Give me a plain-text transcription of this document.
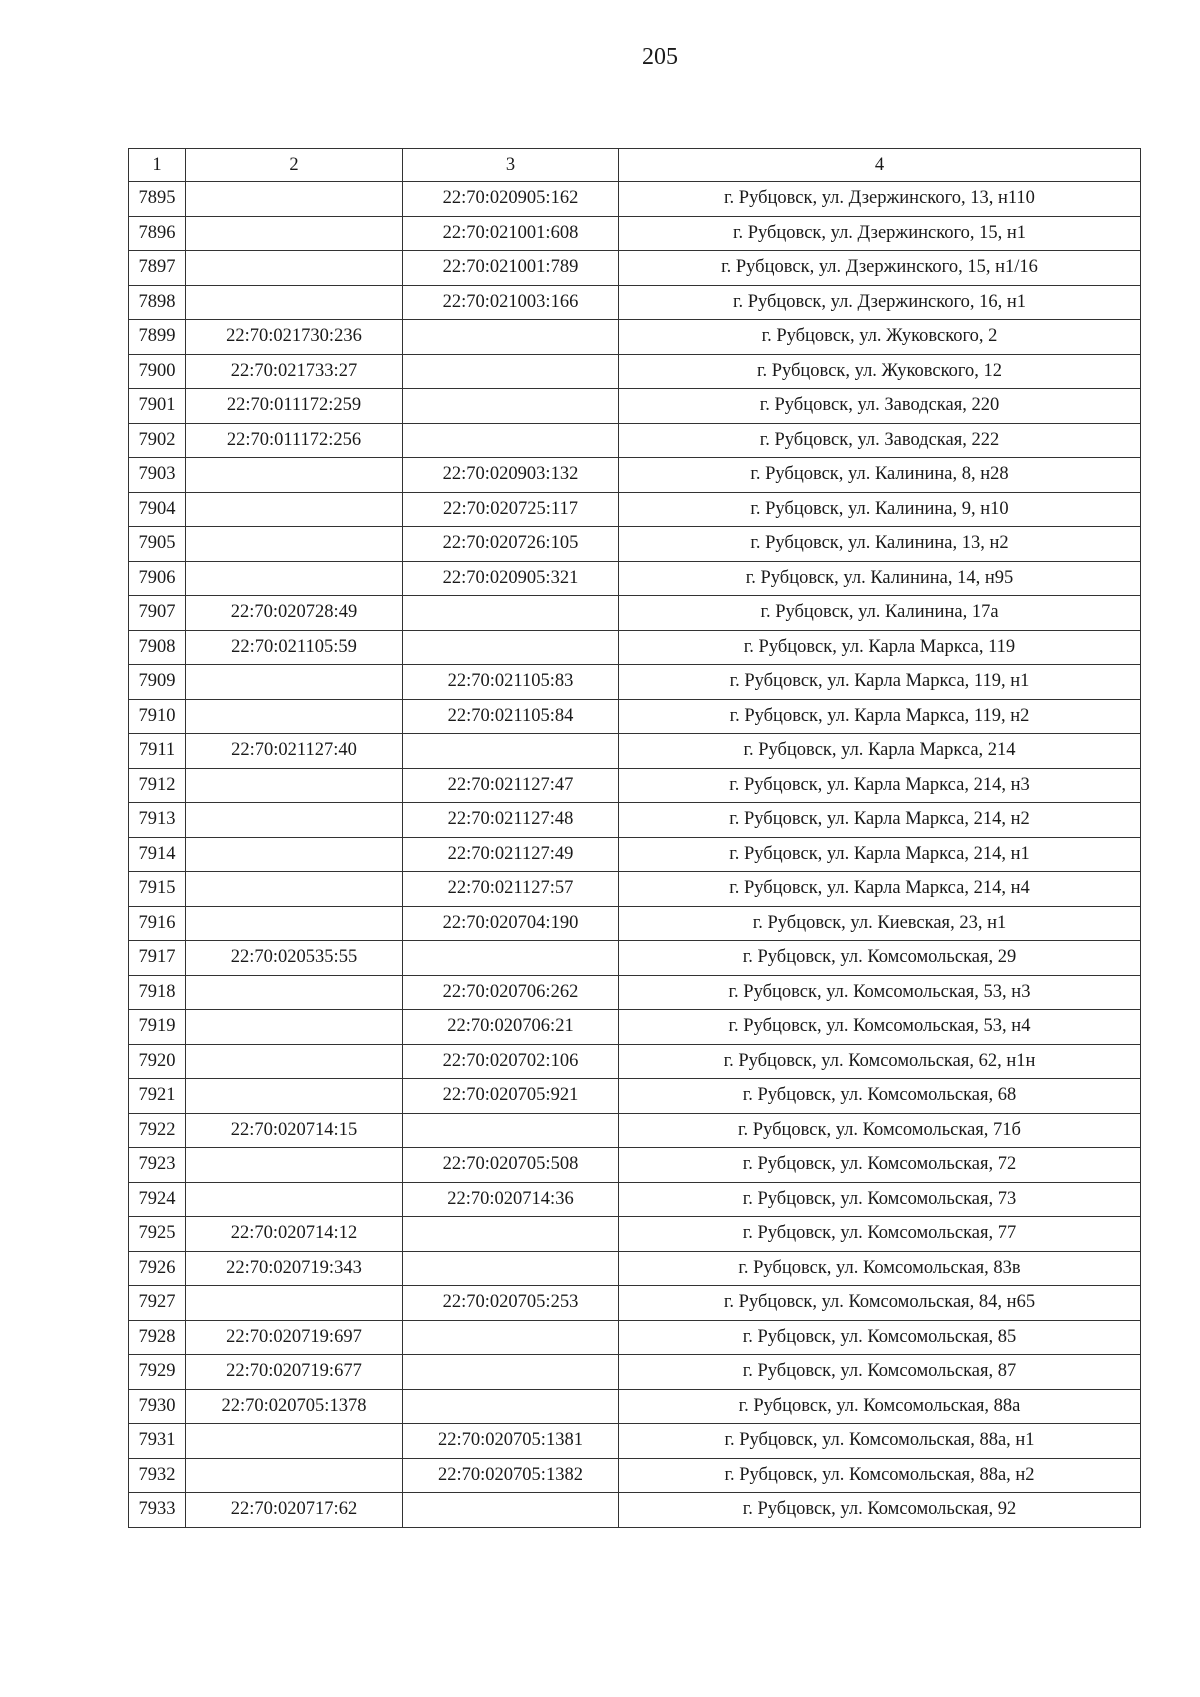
205
1	2	3	4
7895		22:70:020905:162	г. Рубцовск, ул. Дзержинского, 13, н110
7896		22:70:021001:608	г. Рубцовск, ул. Дзержинского, 15, н1
7897		22:70:021001:789	г. Рубцовск, ул. Дзержинского, 15, н1/16
7898		22:70:021003:166	г. Рубцовск, ул. Дзержинского, 16, н1
7899	22:70:021730:236		г. Рубцовск, ул. Жуковского, 2
7900	22:70:021733:27		г. Рубцовск, ул. Жуковского, 12
7901	22:70:011172:259		г. Рубцовск, ул. Заводская, 220
7902	22:70:011172:256		г. Рубцовск, ул. Заводская, 222
7903		22:70:020903:132	г. Рубцовск, ул. Калинина, 8, н28
7904		22:70:020725:117	г. Рубцовск, ул. Калинина, 9, н10
7905		22:70:020726:105	г. Рубцовск, ул. Калинина, 13, н2
7906		22:70:020905:321	г. Рубцовск, ул. Калинина, 14, н95
7907	22:70:020728:49		г. Рубцовск, ул. Калинина, 17а
7908	22:70:021105:59		г. Рубцовск, ул. Карла Маркса, 119
7909		22:70:021105:83	г. Рубцовск, ул. Карла Маркса, 119, н1
7910		22:70:021105:84	г. Рубцовск, ул. Карла Маркса, 119, н2
7911	22:70:021127:40		г. Рубцовск, ул. Карла Маркса, 214
7912		22:70:021127:47	г. Рубцовск, ул. Карла Маркса, 214, н3
7913		22:70:021127:48	г. Рубцовск, ул. Карла Маркса, 214, н2
7914		22:70:021127:49	г. Рубцовск, ул. Карла Маркса, 214, н1
7915		22:70:021127:57	г. Рубцовск, ул. Карла Маркса, 214, н4
7916		22:70:020704:190	г. Рубцовск, ул. Киевская, 23, н1
7917	22:70:020535:55		г. Рубцовск, ул. Комсомольская, 29
7918		22:70:020706:262	г. Рубцовск, ул. Комсомольская, 53, н3
7919		22:70:020706:21	г. Рубцовск, ул. Комсомольская, 53, н4
7920		22:70:020702:106	г. Рубцовск, ул. Комсомольская, 62, н1н
7921		22:70:020705:921	г. Рубцовск, ул. Комсомольская, 68
7922	22:70:020714:15		г. Рубцовск, ул. Комсомольская, 71б
7923		22:70:020705:508	г. Рубцовск, ул. Комсомольская, 72
7924		22:70:020714:36	г. Рубцовск, ул. Комсомольская, 73
7925	22:70:020714:12		г. Рубцовск, ул. Комсомольская, 77
7926	22:70:020719:343		г. Рубцовск, ул. Комсомольская, 83в
7927		22:70:020705:253	г. Рубцовск, ул. Комсомольская, 84, н65
7928	22:70:020719:697		г. Рубцовск, ул. Комсомольская, 85
7929	22:70:020719:677		г. Рубцовск, ул. Комсомольская, 87
7930	22:70:020705:1378		г. Рубцовск, ул. Комсомольская, 88а
7931		22:70:020705:1381	г. Рубцовск, ул. Комсомольская, 88а, н1
7932		22:70:020705:1382	г. Рубцовск, ул. Комсомольская, 88а, н2
7933	22:70:020717:62		г. Рубцовск, ул. Комсомольская, 92
